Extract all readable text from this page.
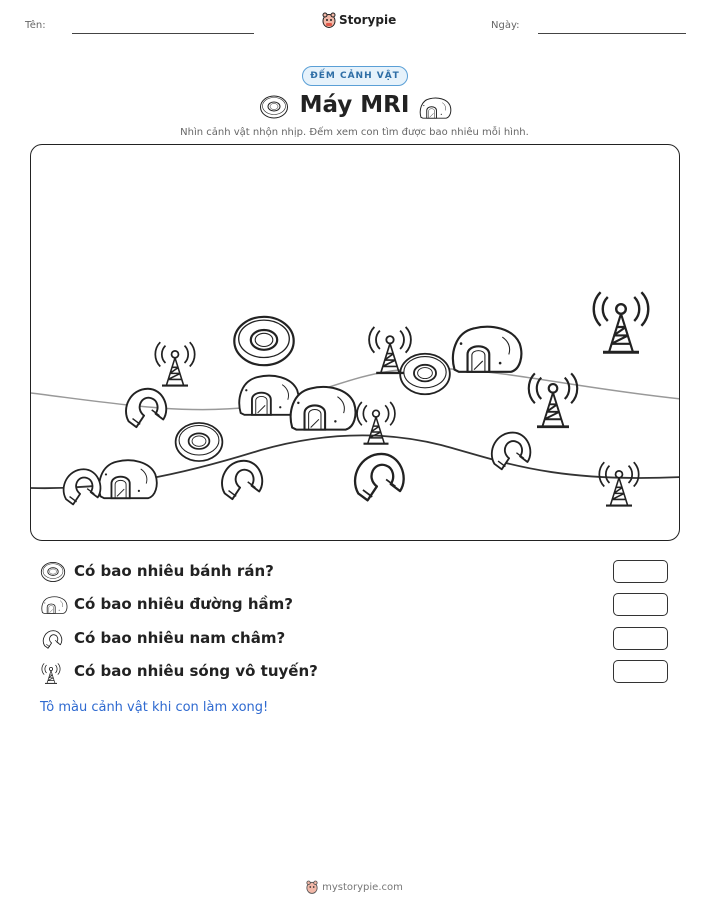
Tên:	Storypie	Ngày:
ĐẾM CẢNH VẬT
Máy MRI
Nhìn cảnh vật nhộn nhịp. Đếm xem con tìm được bao nhiêu mỗi hình.
Có bao nhiêu bánh rán?
Có bao nhiêu đường hầm?
Có bao nhiêu nam châm?
Có bao nhiêu sóng vô tuyến?
Tô màu cảnh vật khi con làm xong!
mystorypie.com
